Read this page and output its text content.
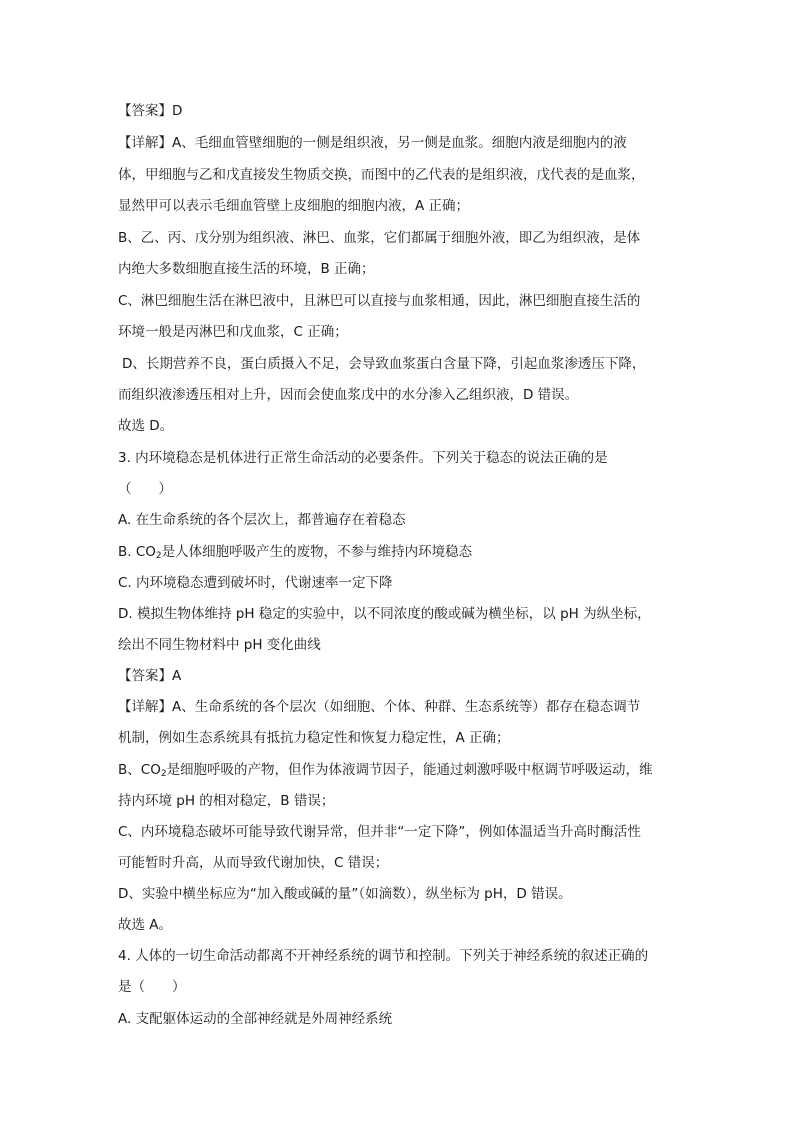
【答案】D
【详解】A、毛细血管壁细胞的一侧是组织液，另一侧是血浆。细胞内液是细胞内的液
体，甲细胞与乙和戊直接发生物质交换，而图中的乙代表的是组织液，戊代表的是血浆，
显然甲可以表示毛细血管壁上皮细胞的细胞内液，A 正确；
B、乙、丙、戊分别为组织液、淋巴、血浆，它们都属于细胞外液，即乙为组织液，是体
内绝大多数细胞直接生活的环境，B 正确；
C、淋巴细胞生活在淋巴液中，且淋巴可以直接与血浆相通，因此，淋巴细胞直接生活的
环境一般是丙淋巴和戊血浆，C 正确；
D、长期营养不良，蛋白质摄入不足，会导致血浆蛋白含量下降，引起血浆渗透压下降，
而组织液渗透压相对上升，因而会使血浆戊中的水分渗入乙组织液，D 错误。
故选 D。
3. 内环境稳态是机体进行正常生命活动的必要条件。下列关于稳态的说法正确的是
（　　）
A. 在生命系统的各个层次上，都普遍存在着稳态
B. $CO_2$是人体细胞呼吸产生的废物，不参与维持内环境稳态
C. 内环境稳态遭到破坏时，代谢速率一定下降
D. 模拟生物体维持 pH 稳定的实验中，以不同浓度的酸或碱为横坐标，以 pH 为纵坐标，
绘出不同生物材料中 pH 变化曲线
【答案】A
【详解】A、生命系统的各个层次（如细胞、个体、种群、生态系统等）都存在稳态调节
机制，例如生态系统具有抵抗力稳定性和恢复力稳定性，A 正确；
B、$CO_2$是细胞呼吸的产物，但作为体液调节因子，能通过刺激呼吸中枢调节呼吸运动，维
持内环境 pH 的相对稳定，B 错误；
C、内环境稳态破坏可能导致代谢异常，但并非“一定下降”，例如体温适当升高时酶活性
可能暂时升高，从而导致代谢加快，C 错误；
D、实验中横坐标应为“加入酸或碱的量”（如滴数），纵坐标为 pH，D 错误。
故选 A。
4. 人体的一切生命活动都离不开神经系统的调节和控制。下列关于神经系统的叙述正确的
是（　　）
A. 支配躯体运动的全部神经就是外周神经系统
